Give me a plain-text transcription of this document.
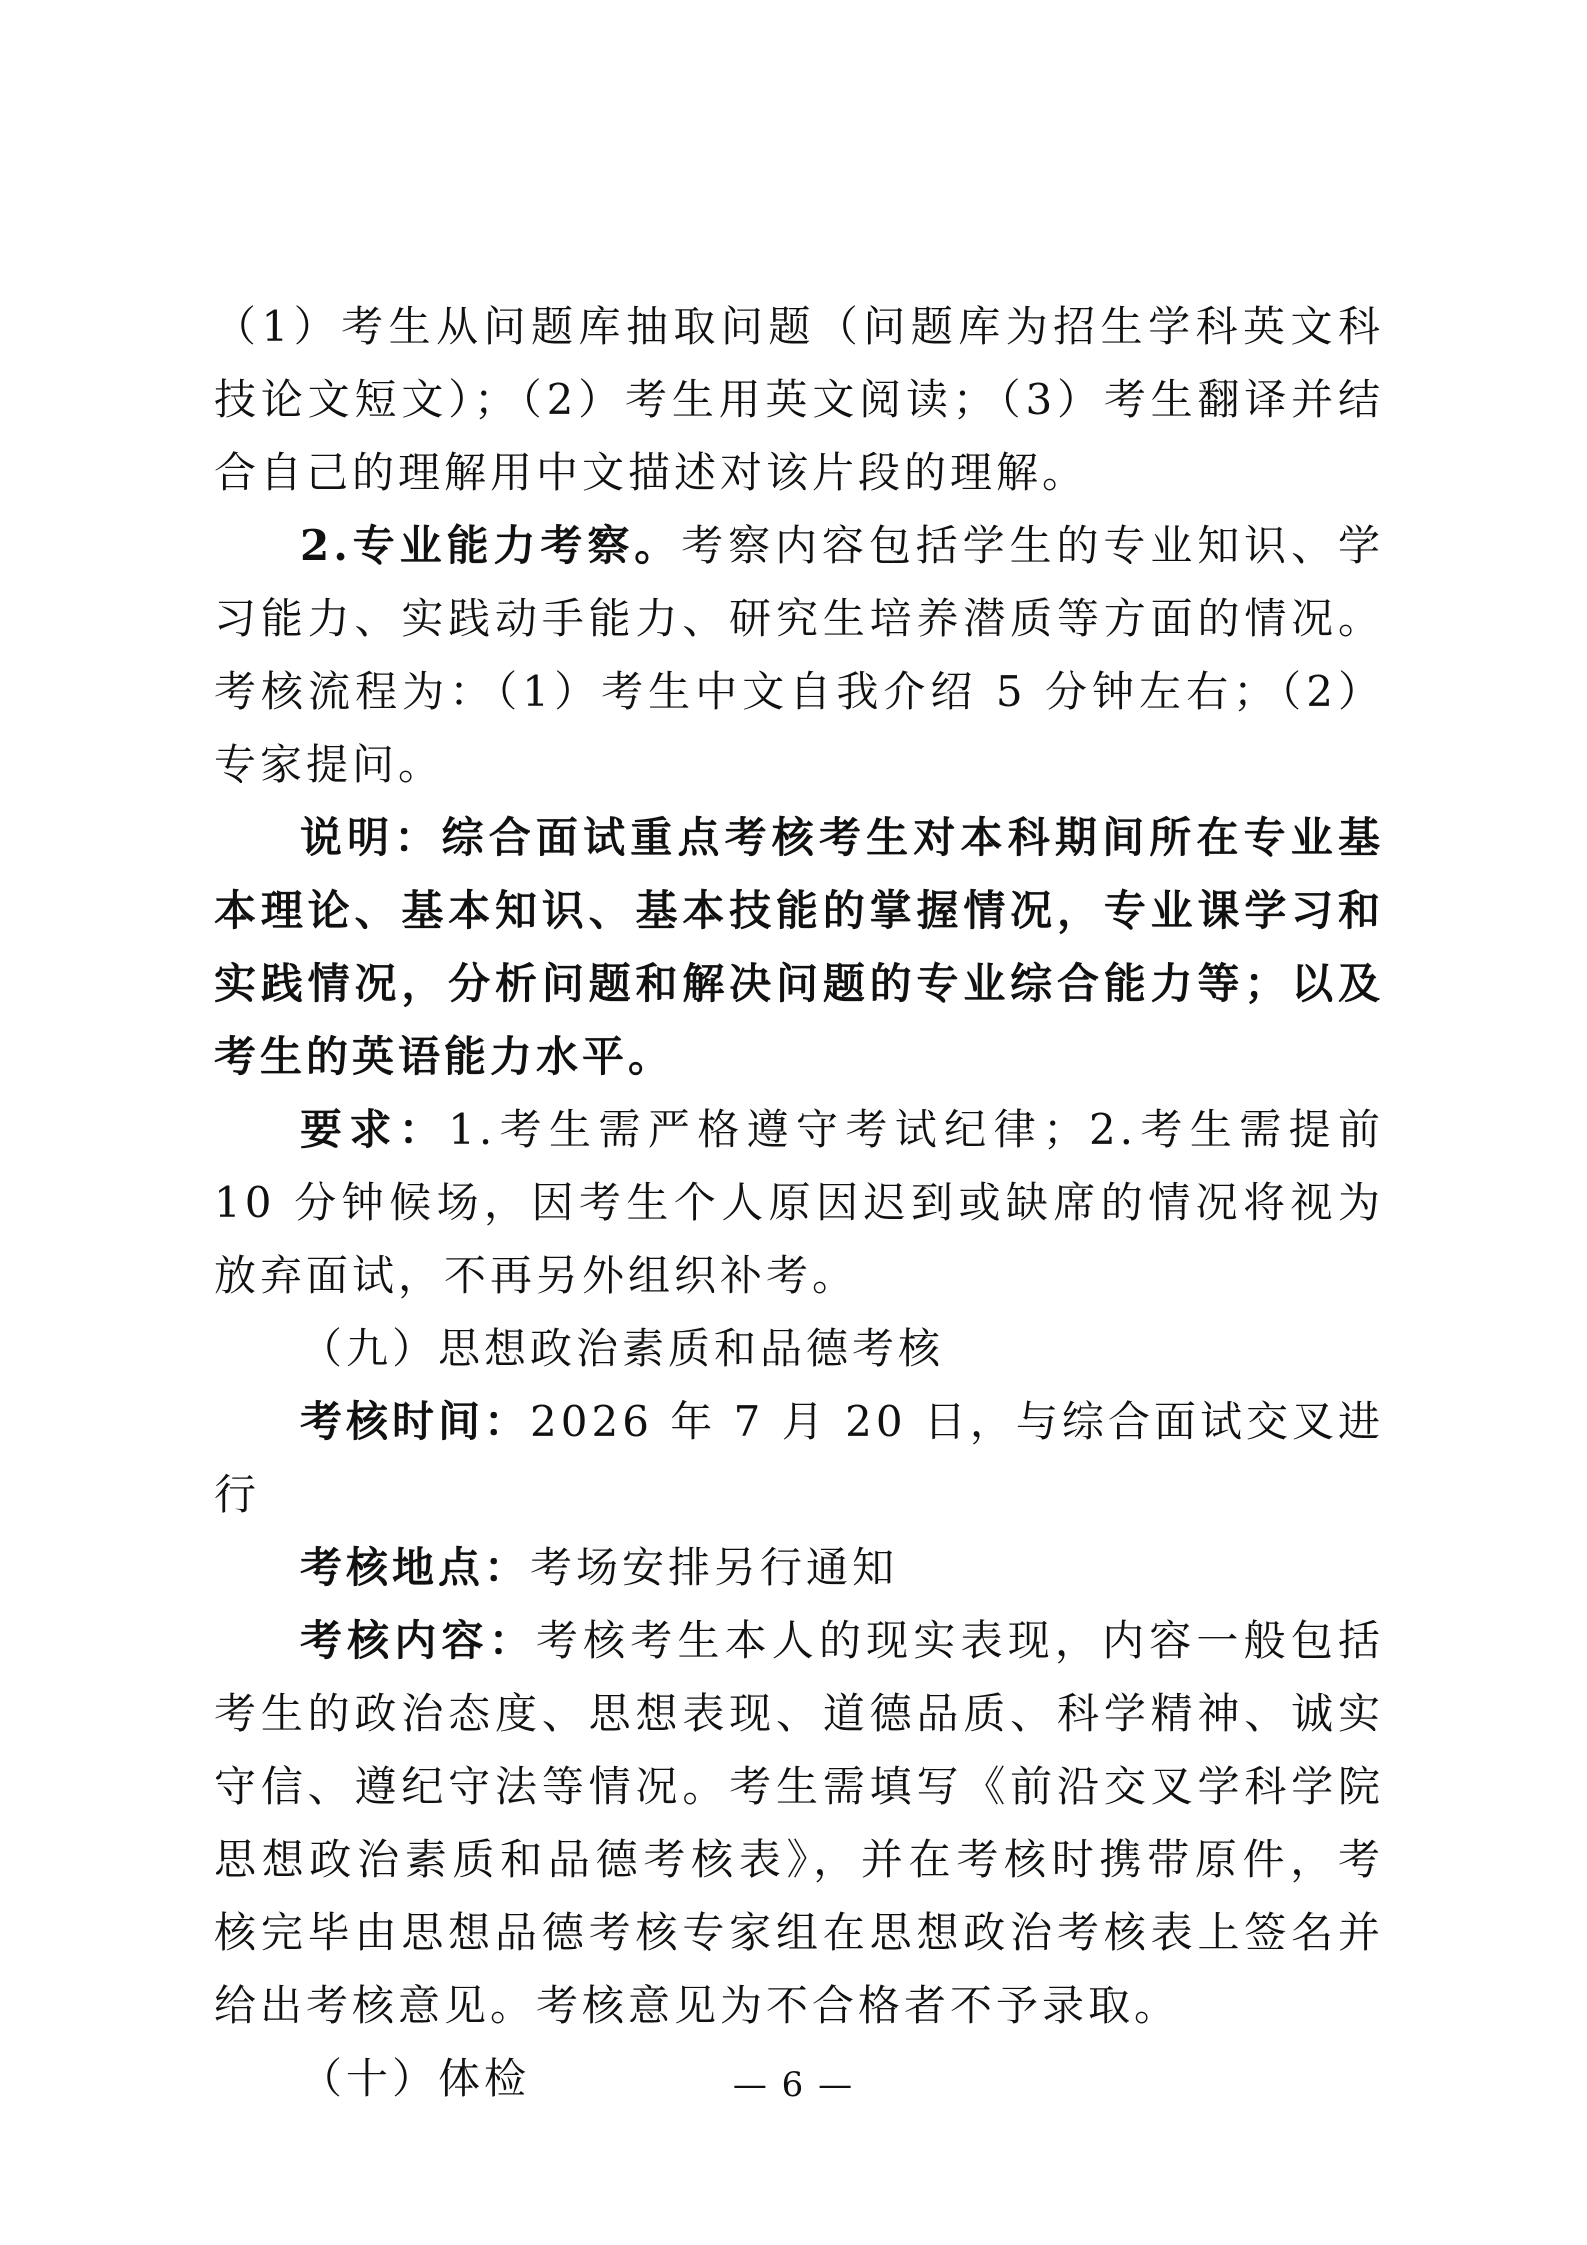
（1）考生从问题库抽取问题（问题库为招生学科英文科技论文短文）；（2）考生用英文阅读；（3）考生翻译并结合自己的理解用中文描述对该片段的理解。

2.专业能力考察。考察内容包括学生的专业知识、学习能力、实践动手能力、研究生培养潜质等方面的情况。考核流程为：（1）考生中文自我介绍 5 分钟左右；（2）专家提问。

说明：综合面试重点考核考生对本科期间所在专业基本理论、基本知识、基本技能的掌握情况，专业课学习和实践情况，分析问题和解决问题的专业综合能力等；以及考生的英语能力水平。

要求：1.考生需严格遵守考试纪律；2.考生需提前 10 分钟候场，因考生个人原因迟到或缺席的情况将视为放弃面试，不再另外组织补考。

（九）思想政治素质和品德考核

考核时间：2026 年 7 月 20 日，与综合面试交叉进行

考核地点：考场安排另行通知

考核内容：考核考生本人的现实表现，内容一般包括考生的政治态度、思想表现、道德品质、科学精神、诚实守信、遵纪守法等情况。考生需填写《前沿交叉学科学院思想政治素质和品德考核表》，并在考核时携带原件，考核完毕由思想品德考核专家组在思想政治考核表上签名并给出考核意见。考核意见为不合格者不予录取。

（十）体检	— 6 —
